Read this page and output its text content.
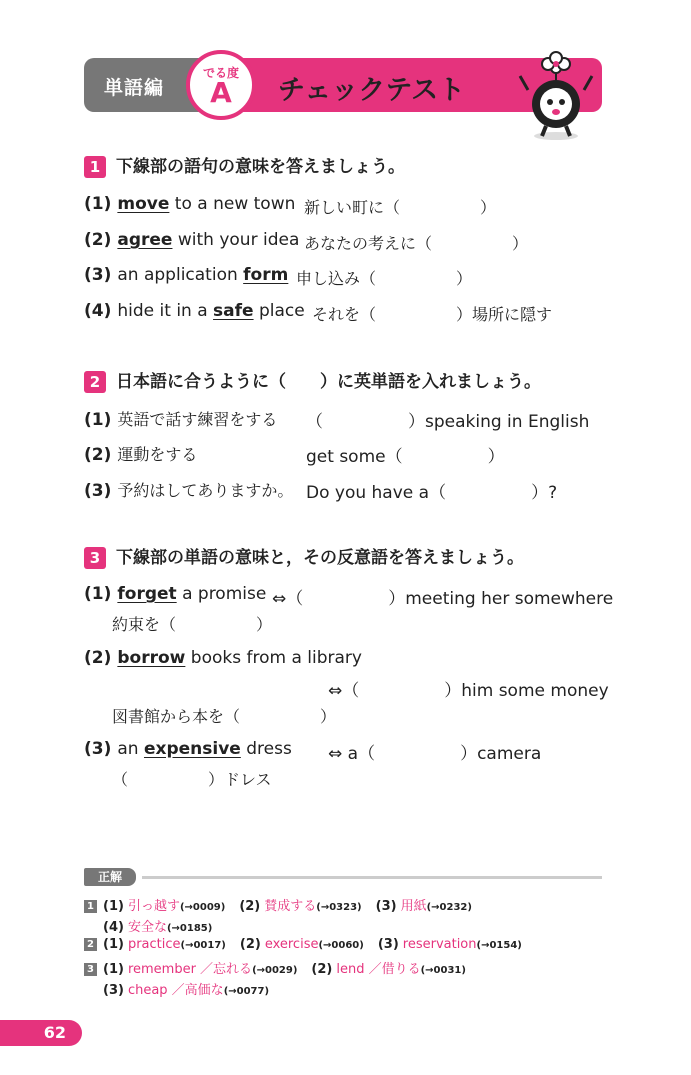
単語編	チェックテスト
でる度
A
1 下線部の語句の意味を答えましょう。
(1) move to a new town 新しい町に（　　　　　）
(2) agree with your idea あなたの考えに（　　　　　）
(3) an application form 申し込み（　　　　　）
(4) hide it in a safe place それを（　　　　　）場所に隠す
2 日本語に合うように（　　）に英単語を入れましょう。
(1) 英語で話す練習をする （　　　　　）speaking in English
(2) 運動をする	get some（　　　　　）
(3) 予約はしてありますか。 Do you have a（　　　　　）?
3 下線部の単語の意味と，その反意語を答えましょう。
(1) forget a promise ⇔（　　　　　）meeting her somewhere
約束を（　　　　　）
(2) borrow books from a library
⇔（　　　　　）him some money
図書館から本を（　　　　　）
(3) an expensive dress ⇔ a（　　　　　）camera
（　　　　　）ドレス
正解
1 (1) 引っ越す(→0009) (2) 賛成する(→0323) (3) 用紙(→0232)
(4) 安全な(→0185)
2 (1) practice(→0017) (2) exercise(→0060) (3) reservation(→0154)
3 (1) remember ／忘れる(→0029) (2) lend ／借りる(→0031)
(3) cheap ／高価な(→0077)
62
